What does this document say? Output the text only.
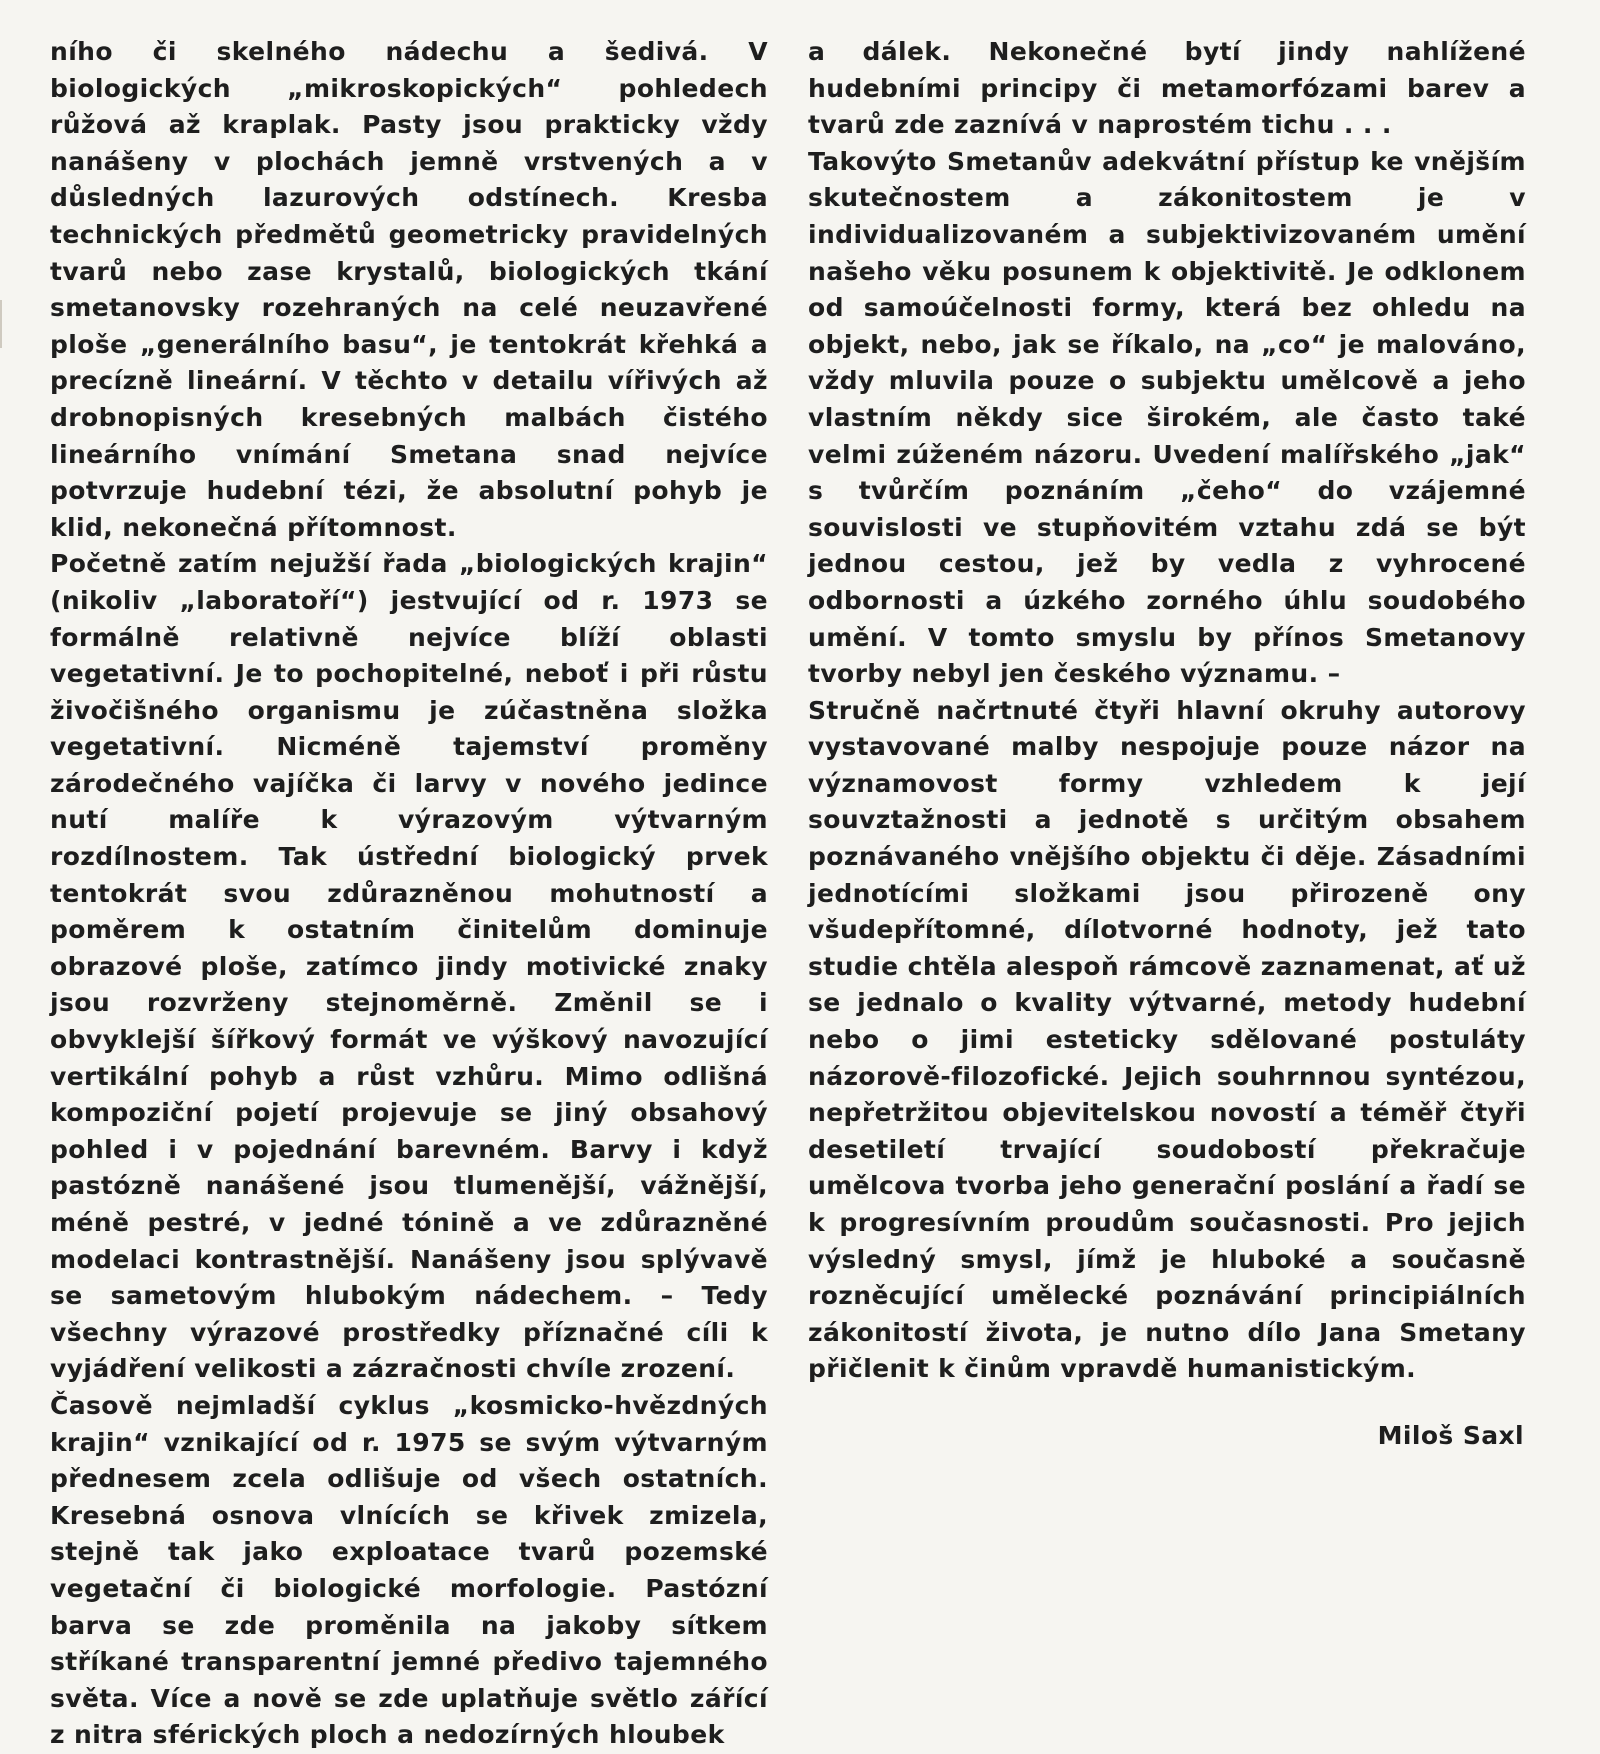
ního či skelného nádechu a šedivá. V biologických „mikroskopických“ pohledech růžová až kraplak. Pasty jsou prakticky vždy nanášeny v plochách jemně vrstvených a v důsledných lazurových odstínech. Kresba technických předmětů geometricky pravidelných tvarů nebo zase krystalů, biologických tkání smetanovsky rozehraných na celé neuzavřené ploše „generálního basu“, je tentokrát křehká a precízně lineární. V těchto v detailu vířivých až drobnopisných kresebných malbách čistého lineárního vnímání Smetana snad nejvíce potvrzuje hudební tézi, že absolutní pohyb je klid, nekonečná přítomnost.

Početně zatím nejužší řada „biologických krajin“ (nikoliv „laboratoří“) jestvující od r. 1973 se formálně relativně nejvíce blíží oblasti vegetativní. Je to pochopitelné, neboť i při růstu živočišného organismu je zúčastněna složka vegetativní. Nicméně tajemství proměny zárodečného vajíčka či larvy v nového jedince nutí malíře k výrazovým výtvarným rozdílnostem. Tak ústřední biologický prvek tentokrát svou zdůrazněnou mohutností a poměrem k ostatním činitelům dominuje obrazové ploše, zatímco jindy motivické znaky jsou rozvrženy stejnoměrně. Změnil se i obvyklejší šířkový formát ve výškový navozující vertikální pohyb a růst vzhůru. Mimo odlišná kompoziční pojetí projevuje se jiný obsahový pohled i v pojednání barevném. Barvy i když pastózně nanášené jsou tlumenější, vážnější, méně pestré, v jedné tónině a ve zdůrazněné modelaci kontrastnější. Nanášeny jsou splývavě se sametovým hlubokým nádechem. – Tedy všechny výrazové prostředky příznačné cíli k vyjádření velikosti a zázračnosti chvíle zrození.

Časově nejmladší cyklus „kosmicko-hvězdných krajin“ vznikající od r. 1975 se svým výtvarným přednesem zcela odlišuje od všech ostatních. Kresebná osnova vlnících se křivek zmizela, stejně tak jako exploatace tvarů pozemské vegetační či biologické morfologie. Pastózní barva se zde proměnila na jakoby sítkem stříkané transparentní jemné předivo tajemného světa. Více a nově se zde uplatňuje světlo zářící z nitra sférických ploch a nedozírných hloubek

a dálek. Nekonečné bytí jindy nahlížené hudebními principy či metamorfózami barev a tvarů zde zaznívá v naprostém tichu . . .

Takovýto Smetanův adekvátní přístup ke vnějším skutečnostem a zákonitostem je v individualizovaném a subjektivizovaném umění našeho věku posunem k objektivitě. Je odklonem od samoúčelnosti formy, která bez ohledu na objekt, nebo, jak se říkalo, na „co“ je malováno, vždy mluvila pouze o subjektu umělcově a jeho vlastním někdy sice širokém, ale často také velmi zúženém názoru. Uvedení malířského „jak“ s tvůrčím poznáním „čeho“ do vzájemné souvislosti ve stupňovitém vztahu zdá se být jednou cestou, jež by vedla z vyhrocené odbornosti a úzkého zorného úhlu soudobého umění. V tomto smyslu by přínos Smetanovy tvorby nebyl jen českého významu. –

Stručně načrtnuté čtyři hlavní okruhy autorovy vystavované malby nespojuje pouze názor na významovost formy vzhledem k její souvztažnosti a jednotě s určitým obsahem poznávaného vnějšího objektu či děje. Zásadními jednotícími složkami jsou přirozeně ony všudepřítomné, dílotvorné hodnoty, jež tato studie chtěla alespoň rámcově zaznamenat, ať už se jednalo o kvality výtvarné, metody hudební nebo o jimi esteticky sdělované postuláty názorově-filozofické. Jejich souhrnnou syntézou, nepřetržitou objevitelskou novostí a téměř čtyři desetiletí trvající soudobostí překračuje umělcova tvorba jeho generační poslání a řadí se k progresívním proudům současnosti. Pro jejich výsledný smysl, jímž je hluboké a současně rozněcující umělecké poznávání principiálních zákonitostí života, je nutno dílo Jana Smetany přičlenit k činům vpravdě humanistickým.

Miloš Saxl
